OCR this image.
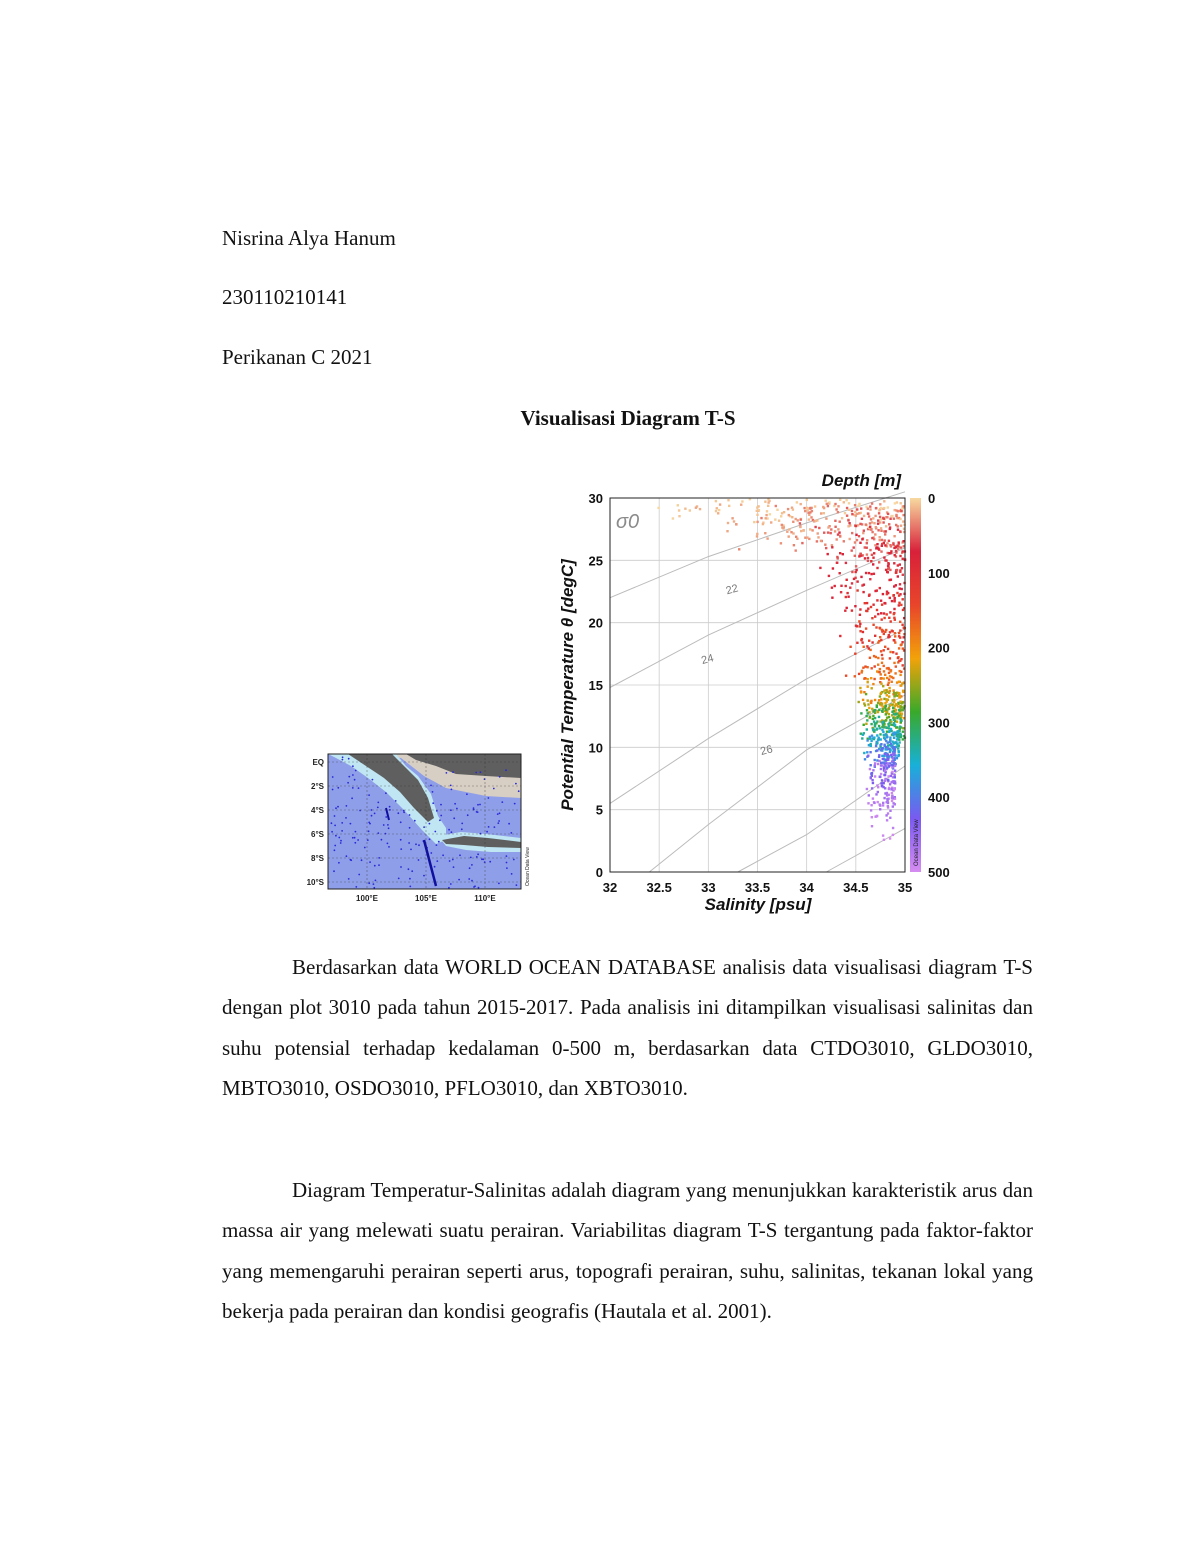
Nisrina Alya Hanum

230110210141

Perikanan C 2021

Visualisasi Diagram T-S

EQ
2°S
4°S
6°S
8°S
10°S
100°E	105°E	110°E
Ocean Data View
32 32.5 33 33.5 34 34.5 35
0
5
10
15
20
25
30
22
24
26
σ0
Salinity [psu]
Potential Temperature θ [degC]
Depth [m]
0
100
200
300
400
500
Ocean Data View

Berdasarkan data WORLD OCEAN DATABASE analisis data visualisasi diagram T-S dengan plot 3010 pada tahun 2015-2017. Pada analisis ini ditampilkan visualisasi salinitas dan suhu potensial terhadap kedalaman 0-500 m, berdasarkan data CTDO3010, GLDO3010, MBTO3010, OSDO3010, PFLO3010, dan XBTO3010.

Diagram Temperatur-Salinitas adalah diagram yang menunjukkan karakteristik arus dan massa air yang melewati suatu perairan. Variabilitas diagram T-S tergantung pada faktor-faktor yang memengaruhi perairan seperti arus, topografi perairan, suhu, salinitas, tekanan lokal yang bekerja pada perairan dan kondisi geografis (Hautala et al. 2001).
